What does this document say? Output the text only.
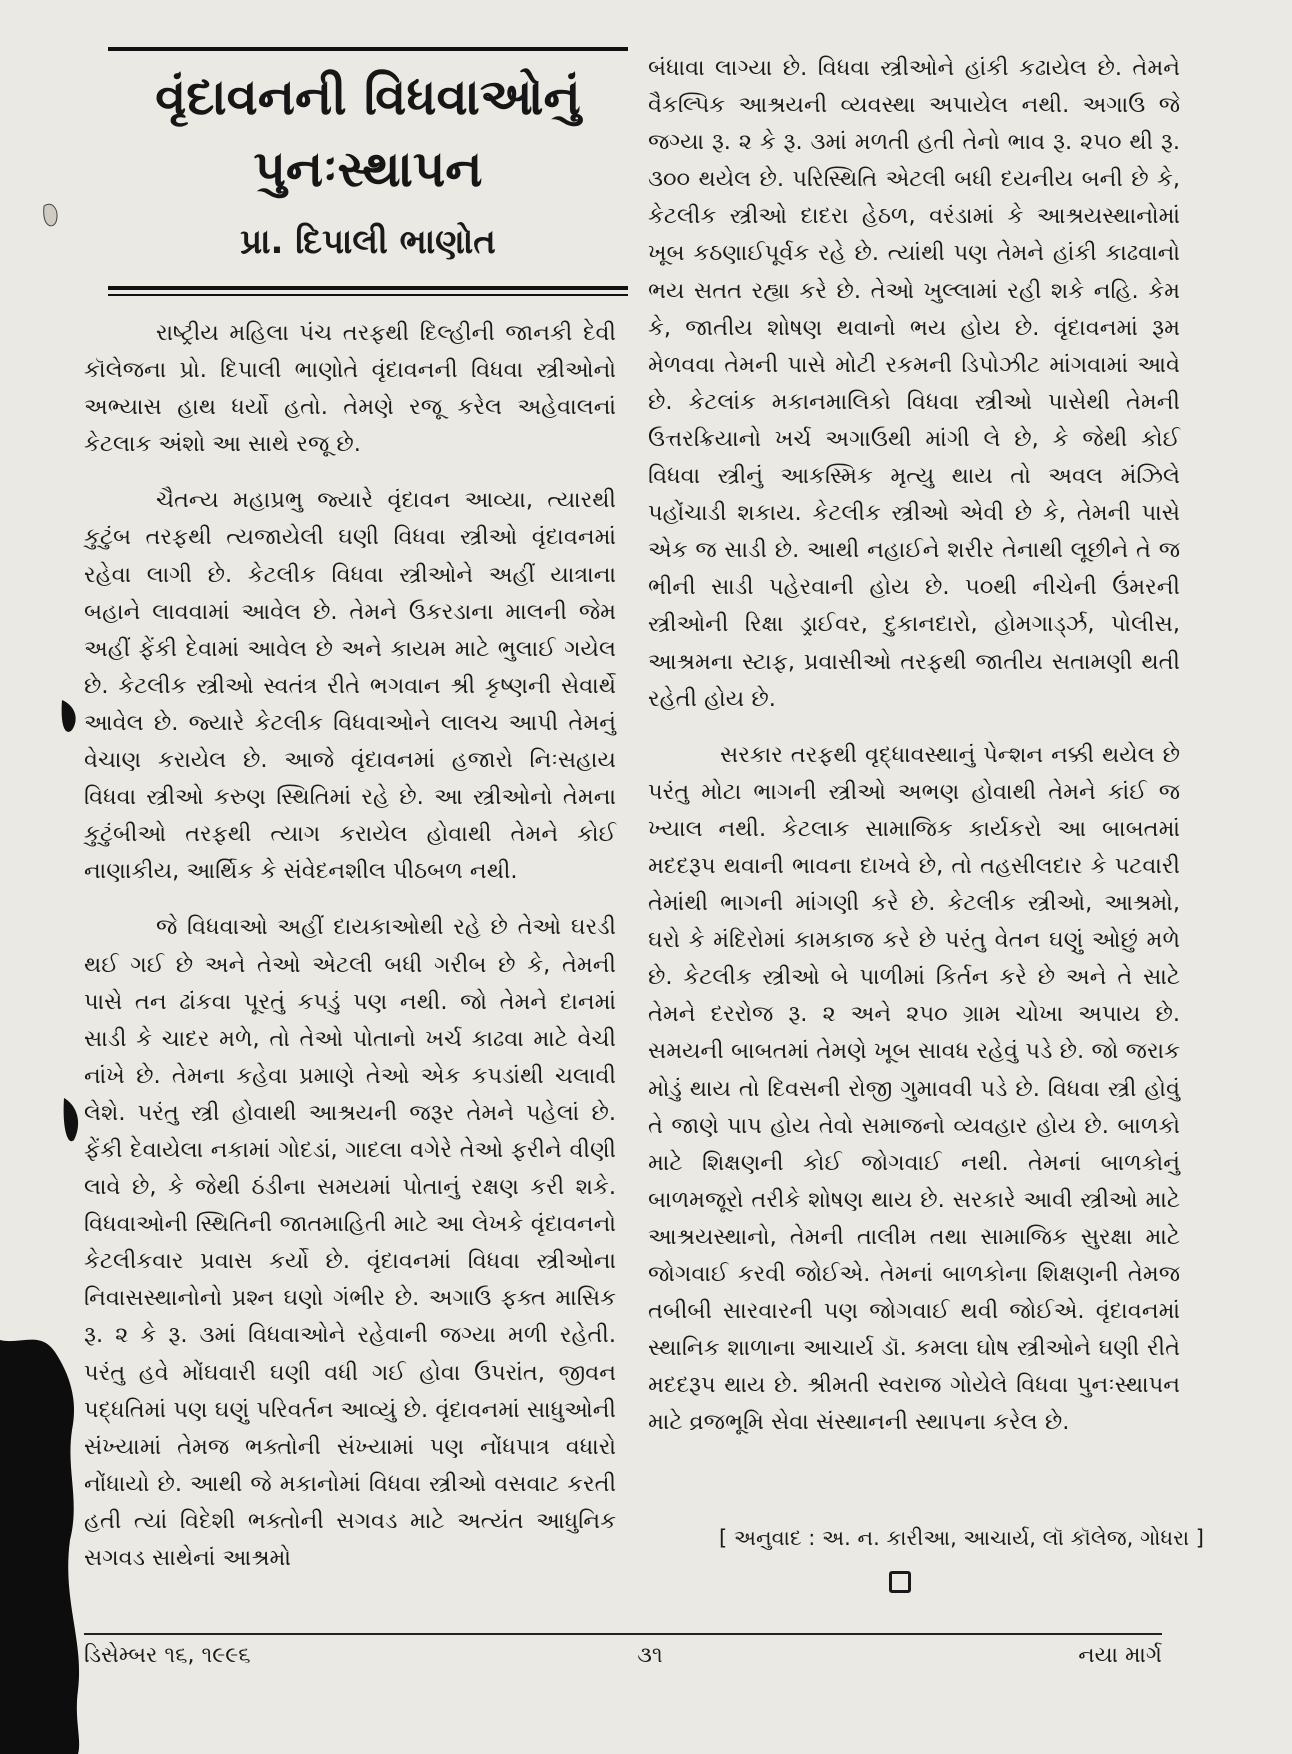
વૃંદાવનની વિધવાઓનું
પુનઃસ્થાપન
પ્રા. દિપાલી ભાણોત

રાષ્ટ્રીય મહિલા પંચ તરફથી દિલ્હીની જાનકી દેવી કૉલેજના પ્રો. દિપાલી ભાણોતે વૃંદાવનની વિધવા સ્ત્રીઓનો અભ્યાસ હાથ ધર્યો હતો. તેમણે રજૂ કરેલ અહેવાલનાં કેટલાક અંશો આ સાથે રજૂ છે.

ચૈતન્ય મહાપ્રભુ જ્યારે વૃંદાવન આવ્યા, ત્યારથી કુટુંબ તરફથી ત્યજાયેલી ઘણી વિધવા સ્ત્રીઓ વૃંદાવનમાં રહેવા લાગી છે. કેટલીક વિધવા સ્ત્રીઓને અહીં યાત્રાના બહાને લાવવામાં આવેલ છે. તેમને ઉકરડાના માલની જેમ અહીં ફેંકી દેવામાં આવેલ છે અને કાયમ માટે ભુલાઈ ગયેલ છે. કેટલીક સ્ત્રીઓ સ્વતંત્ર રીતે ભગવાન શ્રી કૃષ્ણની સેવાર્થે આવેલ છે. જ્યારે કેટલીક વિધવાઓને લાલચ આપી તેમનું વેચાણ કરાયેલ છે. આજે વૃંદાવનમાં હજારો નિઃસહાય વિધવા સ્ત્રીઓ કરુણ સ્થિતિમાં રહે છે. આ સ્ત્રીઓનો તેમના કુટુંબીઓ તરફથી ત્યાગ કરાયેલ હોવાથી તેમને કોઈ નાણાકીય, આર્થિક કે સંવેદનશીલ પીઠબળ નથી.

જે વિધવાઓ અહીં દાયકાઓથી રહે છે તેઓ ઘરડી થઈ ગઈ છે અને તેઓ એટલી બધી ગરીબ છે કે, તેમની પાસે તન ઢાંકવા પૂરતું કપડું પણ નથી. જો તેમને દાનમાં સાડી કે ચાદર મળે, તો તેઓ પોતાનો ખર્ચ કાઢવા માટે વેચી નાંખે છે. તેમના કહેવા પ્રમાણે તેઓ એક કપડાંથી ચલાવી લેશે. પરંતુ સ્ત્રી હોવાથી આશ્રયની જરૂર તેમને પહેલાં છે. ફેંકી દેવાયેલા નકામાં ગોદડાં, ગાદલા વગેરે તેઓ ફરીને વીણી લાવે છે, કે જેથી ઠંડીના સમયમાં પોતાનું રક્ષણ કરી શકે. વિધવાઓની સ્થિતિની જાતમાહિતી માટે આ લેખકે વૃંદાવનનો કેટલીકવાર પ્રવાસ કર્યો છે. વૃંદાવનમાં વિધવા સ્ત્રીઓના નિવાસસ્થાનોનો પ્રશ્ન ઘણો ગંભીર છે. અગાઉ ફક્ત માસિક રૂ. ૨ કે રૂ. ૩માં વિધવાઓને રહેવાની જગ્યા મળી રહેતી. પરંતુ હવે મોંઘવારી ઘણી વધી ગઈ હોવા ઉપરાંત, જીવન પદ્ધતિમાં પણ ઘણું પરિવર્તન આવ્યું છે. વૃંદાવનમાં સાધુઓની સંખ્યામાં તેમજ ભક્તોની સંખ્યામાં પણ નોંધપાત્ર વધારો નોંધાયો છે. આથી જે મકાનોમાં વિધવા સ્ત્રીઓ વસવાટ કરતી હતી ત્યાં વિદેશી ભક્તોની સગવડ માટે અત્યંત આધુનિક સગવડ સાથેનાં આશ્રમો

બંધાવા લાગ્યા છે. વિધવા સ્ત્રીઓને હાંકી કઢાયેલ છે. તેમને વૈકલ્પિક આશ્રયની વ્યવસ્થા અપાયેલ નથી. અગાઉ જે જગ્યા રૂ. ૨ કે રૂ. ૩માં મળતી હતી તેનો ભાવ રૂ. ૨૫૦ થી રૂ. ૩૦૦ થયેલ છે. પરિસ્થિતિ એટલી બધી દયનીય બની છે કે, કેટલીક સ્ત્રીઓ દાદરા હેઠળ, વરંડામાં કે આશ્રયસ્થાનોમાં ખૂબ કઠણાઈપૂર્વક રહે છે. ત્યાંથી પણ તેમને હાંકી કાઢવાનો ભય સતત રહ્યા કરે છે. તેઓ ખુલ્લામાં રહી શકે નહિ. કેમ કે, જાતીય શોષણ થવાનો ભય હોય છે. વૃંદાવનમાં રૂમ મેળવવા તેમની પાસે મોટી રકમની ડિપોઝીટ માંગવામાં આવે છે. કેટલાંક મકાનમાલિકો વિધવા સ્ત્રીઓ પાસેથી તેમની ઉત્તરક્રિયાનો ખર્ચ અગાઉથી માંગી લે છે, કે જેથી કોઈ વિધવા સ્ત્રીનું આકસ્મિક મૃત્યુ થાય તો અવલ મંઝિલે પહોંચાડી શકાય. કેટલીક સ્ત્રીઓ એવી છે કે, તેમની પાસે એક જ સાડી છે. આથી નહાઈને શરીર તેનાથી લૂછીને તે જ ભીની સાડી પહેરવાની હોય છે. ૫૦થી નીચેની ઉંમરની સ્ત્રીઓની રિક્ષા ડ્રાઈવર, દુકાનદારો, હોમગાર્ડ્ઝ, પોલીસ, આશ્રમના સ્ટાફ, પ્રવાસીઓ તરફથી જાતીય સતામણી થતી રહેતી હોય છે.

સરકાર તરફથી વૃદ્ધાવસ્થાનું પેન્શન નક્કી થયેલ છે પરંતુ મોટા ભાગની સ્ત્રીઓ અભણ હોવાથી તેમને કાંઈ જ ખ્યાલ નથી. કેટલાક સામાજિક કાર્યકરો આ બાબતમાં મદદરૂપ થવાની ભાવના દાખવે છે, તો તહસીલદાર કે પટવારી તેમાંથી ભાગની માંગણી કરે છે. કેટલીક સ્ત્રીઓ, આશ્રમો, ઘરો કે મંદિરોમાં કામકાજ કરે છે પરંતુ વેતન ઘણું ઓછું મળે છે. કેટલીક સ્ત્રીઓ બે પાળીમાં કિર્તન કરે છે અને તે સાટે તેમને દરરોજ રૂ. ૨ અને ૨૫૦ ગ્રામ ચોખા અપાય છે. સમયની બાબતમાં તેમણે ખૂબ સાવધ રહેવું પડે છે. જો જરાક મોડું થાય તો દિવસની રોજી ગુમાવવી પડે છે. વિધવા સ્ત્રી હોવું તે જાણે પાપ હોય તેવો સમાજનો વ્યવહાર હોય છે. બાળકો માટે શિક્ષણની કોઈ જોગવાઈ નથી. તેમનાં બાળકોનું બાળમજૂરો તરીકે શોષણ થાય છે. સરકારે આવી સ્ત્રીઓ માટે આશ્રયસ્થાનો, તેમની તાલીમ તથા સામાજિક સુરક્ષા માટે જોગવાઈ કરવી જોઈએ. તેમનાં બાળકોના શિક્ષણની તેમજ તબીબી સારવારની પણ જોગવાઈ થવી જોઈએ. વૃંદાવનમાં સ્થાનિક શાળાના આચાર્ય ડૉ. કમલા ઘોષ સ્ત્રીઓને ઘણી રીતે મદદરૂપ થાય છે. શ્રીમતી સ્વરાજ ગોયેલે વિધવા પુનઃસ્થાપન માટે વ્રજભૂમિ સેવા સંસ્થાનની સ્થાપના કરેલ છે.

[ અનુવાદ : અ. ન. કારીઆ, આચાર્ય, લૉ કૉલેજ, ગોધરા ]

ડિસેમ્બર ૧૬, ૧૯૯૬	૩૧	નયા માર્ગ
